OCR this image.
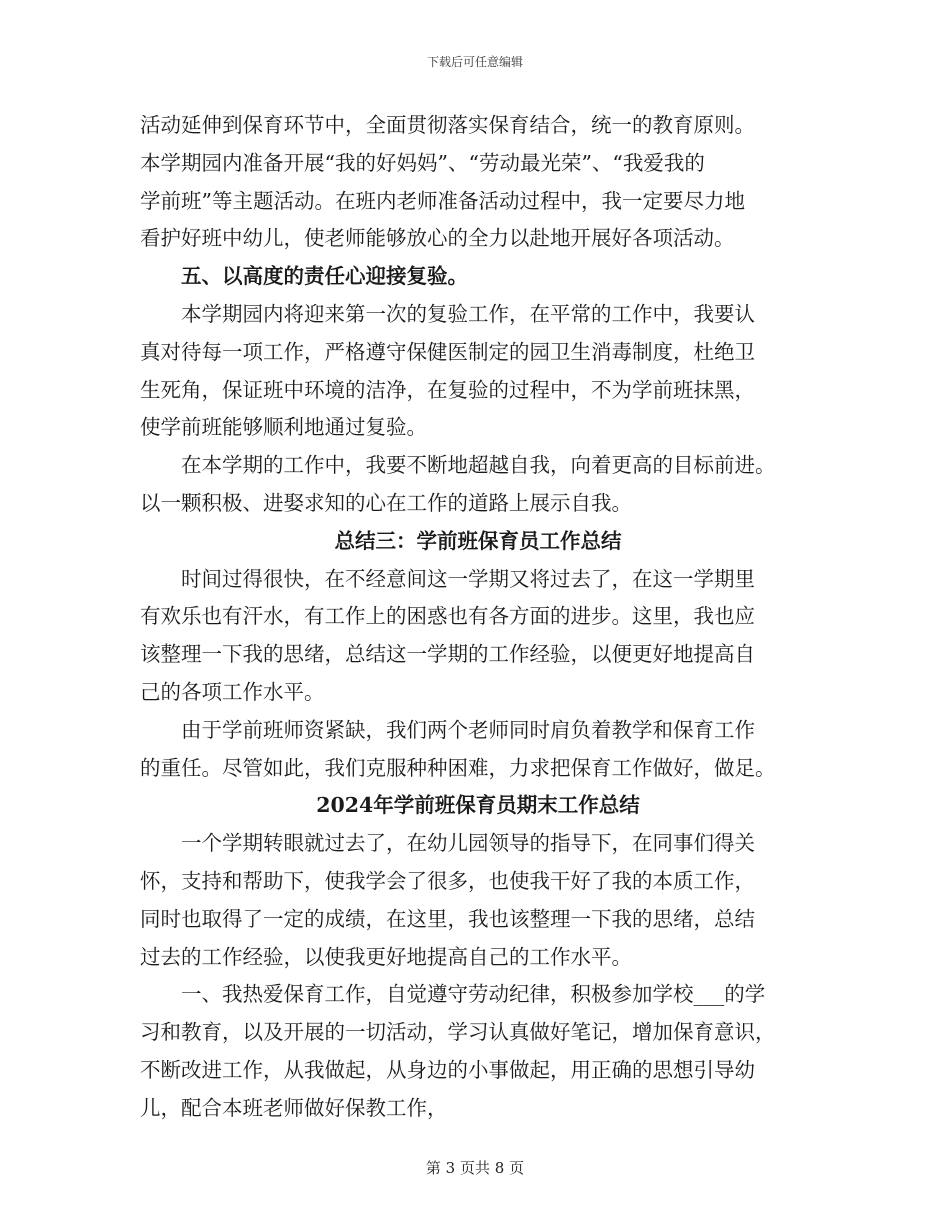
下载后可任意编辑
活动延伸到保育环节中，全面贯彻落实保育结合，统一的教育原则。
本学期园内准备开展“我的好妈妈”、“劳动最光荣”、“我爱我的
学前班”等主题活动。在班内老师准备活动过程中，我一定要尽力地
看护好班中幼儿，使老师能够放心的全力以赴地开展好各项活动。
五、以高度的责任心迎接复验。
本学期园内将迎来第一次的复验工作，在平常的工作中，我要认
真对待每一项工作，严格遵守保健医制定的园卫生消毒制度，杜绝卫
生死角，保证班中环境的洁净，在复验的过程中，不为学前班抹黑，
使学前班能够顺利地通过复验。
在本学期的工作中，我要不断地超越自我，向着更高的目标前进。
以一颗积极、进娶求知的心在工作的道路上展示自我。
总结三：学前班保育员工作总结
时间过得很快，在不经意间这一学期又将过去了，在这一学期里
有欢乐也有汗水，有工作上的困惑也有各方面的进步。这里，我也应
该整理一下我的思绪，总结这一学期的工作经验，以便更好地提高自
己的各项工作水平。
由于学前班师资紧缺，我们两个老师同时肩负着教学和保育工作
的重任。尽管如此，我们克服种种困难，力求把保育工作做好，做足。
2024年学前班保育员期末工作总结
一个学期转眼就过去了，在幼儿园领导的指导下，在同事们得关
怀，支持和帮助下，使我学会了很多，也使我干好了我的本质工作，
同时也取得了一定的成绩，在这里，我也该整理一下我的思绪，总结
过去的工作经验，以使我更好地提高自己的工作水平。
一、我热爱保育工作，自觉遵守劳动纪律，积极参加学校___的学
习和教育，以及开展的一切活动，学习认真做好笔记，增加保育意识，
不断改进工作，从我做起，从身边的小事做起，用正确的思想引导幼
儿，配合本班老师做好保教工作，
第 3 页共 8 页
